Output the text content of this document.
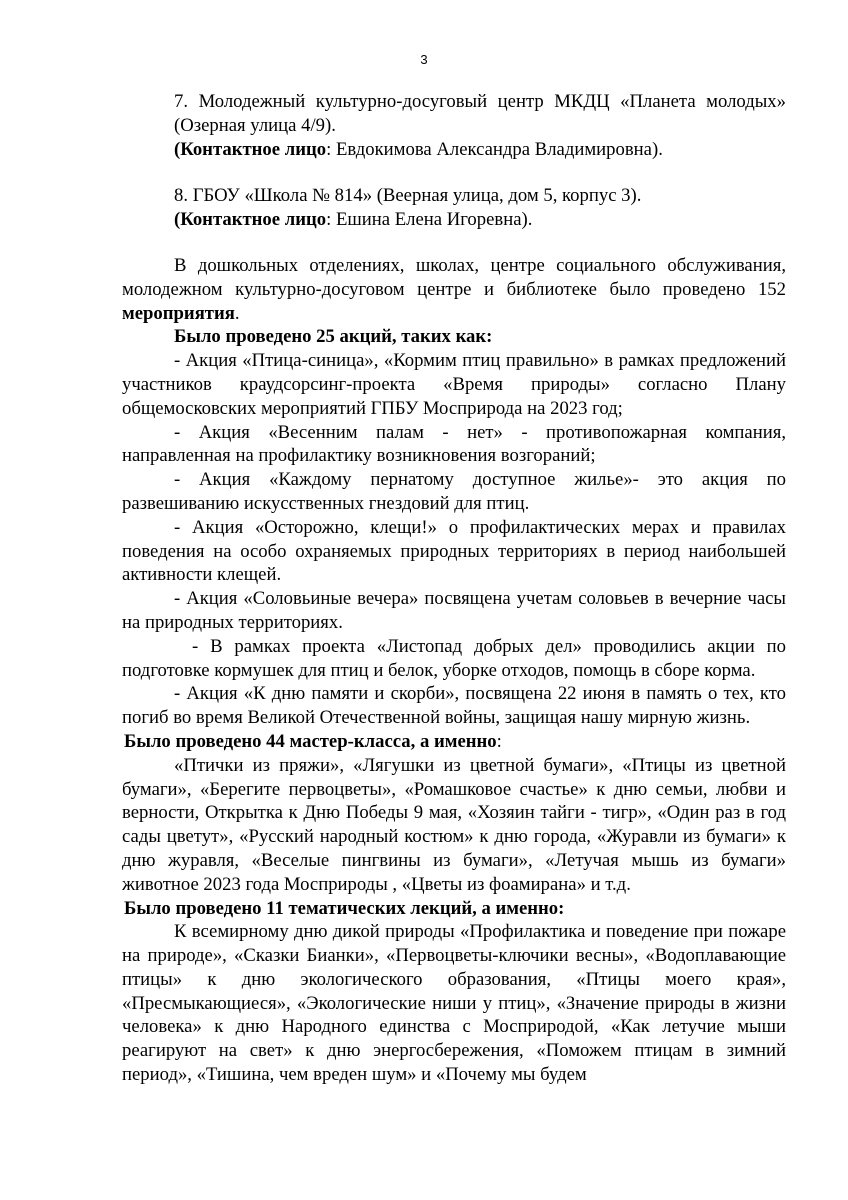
3

7. Молодежный культурно-досуговый центр МКДЦ «Планета молодых» (Озерная улица 4/9).

(Контактное лицо: Евдокимова Александра Владимировна).

8. ГБОУ «Школа № 814» (Веерная улица, дом 5, корпус 3).

(Контактное лицо: Ешина Елена Игоревна).

В дошкольных отделениях, школах, центре социального обслуживания, молодежном культурно-досуговом центре и библиотеке было проведено 152 мероприятия.

Было проведено 25 акций, таких как:

- Акция «Птица-синица», «Кормим птиц правильно» в рамках предложений участников краудсорсинг-проекта «Время природы» согласно Плану общемосковских мероприятий ГПБУ Мосприрода на 2023 год;

- Акция «Весенним палам - нет» - противопожарная компания, направленная на профилактику возникновения возгораний;

- Акция «Каждому пернатому доступное жилье»- это акция по развешиванию искусственных гнездовий для птиц.

- Акция «Осторожно, клещи!» о профилактических мерах и правилах поведения на особо охраняемых природных территориях в период наибольшей активности клещей.

- Акция «Соловьиные вечера» посвящена учетам соловьев в вечерние часы на природных территориях.

- В рамках проекта «Листопад добрых дел» проводились акции по подготовке кормушек для птиц и белок, уборке отходов, помощь в сборе корма.

- Акция «К дню памяти и скорби», посвящена 22 июня в память о тех, кто погиб во время Великой Отечественной войны, защищая нашу мирную жизнь.

Было проведено 44 мастер-класса, а именно:

«Птички из пряжи», «Лягушки из цветной бумаги», «Птицы из цветной бумаги», «Берегите первоцветы», «Ромашковое счастье» к дню семьи, любви и верности, Открытка к Дню Победы 9 мая, «Хозяин тайги - тигр», «Один раз в год сады цветут», «Русский народный костюм» к дню города, «Журавли из бумаги» к дню журавля, «Веселые пингвины из бумаги», «Летучая мышь из бумаги» животное 2023 года Мосприроды , «Цветы из фоамирана» и т.д.

Было проведено 11 тематических лекций, а именно:

К всемирному дню дикой природы «Профилактика и поведение при пожаре на природе», «Сказки Бианки», «Первоцветы-ключики весны», «Водоплавающие птицы» к дню экологического образования, «Птицы моего края», «Пресмыкающиеся», «Экологические ниши у птиц», «Значение природы в жизни человека» к дню Народного единства с Мосприродой, «Как летучие мыши реагируют на свет» к дню энергосбережения, «Поможем птицам в зимний период», «Тишина, чем вреден шум» и «Почему мы будем
